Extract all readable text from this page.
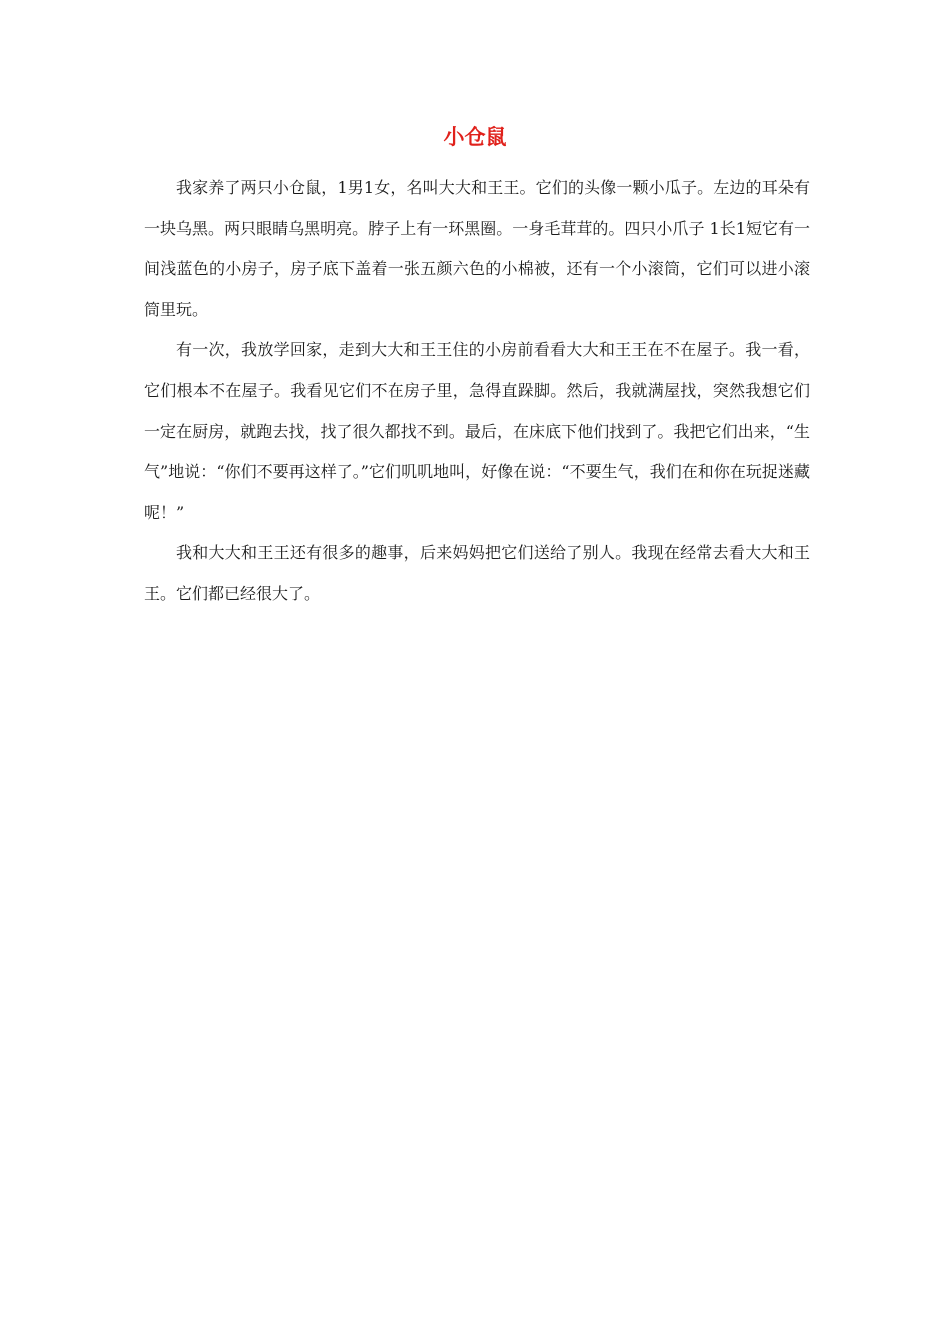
小仓鼠

我家养了两只小仓鼠，1男1女，名叫大大和王王。它们的头像一颗小瓜子。左边的耳朵有一块乌黑。两只眼睛乌黑明亮。脖子上有一环黑圈。一身毛茸茸的。四只小爪子 1长1短它有一间浅蓝色的小房子，房子底下盖着一张五颜六色的小棉被，还有一个小滚筒，它们可以进小滚筒里玩。

有一次，我放学回家，走到大大和王王住的小房前看看大大和王王在不在屋子。我一看，它们根本不在屋子。我看见它们不在房子里，急得直跺脚。然后，我就满屋找，突然我想它们一定在厨房，就跑去找，找了很久都找不到。最后，在床底下他们找到了。我把它们出来，“生气”地说：“你们不要再这样了。”它们叽叽地叫，好像在说：“不要生气，我们在和你在玩捉迷藏呢！”

我和大大和王王还有很多的趣事，后来妈妈把它们送给了别人。我现在经常去看大大和王王。它们都已经很大了。
